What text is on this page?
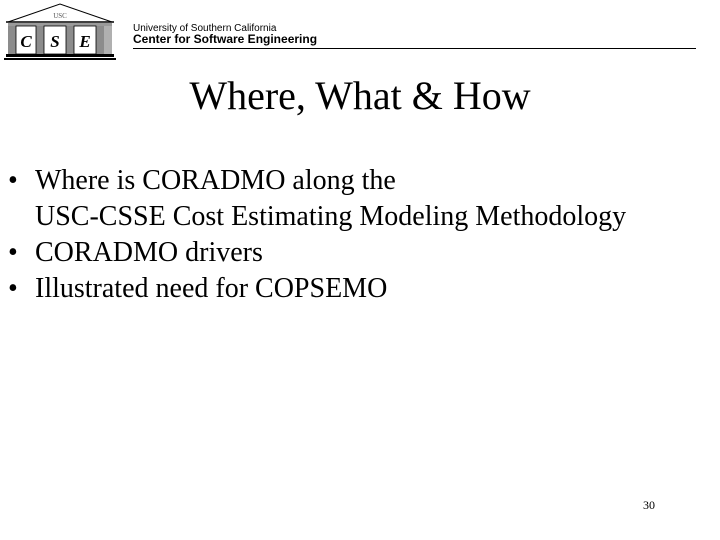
USC
C S E
University of Southern California
Center for Software Engineering
Where, What & How
• Where is CORADMO along the
USC-CSSE Cost Estimating Modeling Methodology
• CORADMO drivers
• Illustrated need for COPSEMO
30
